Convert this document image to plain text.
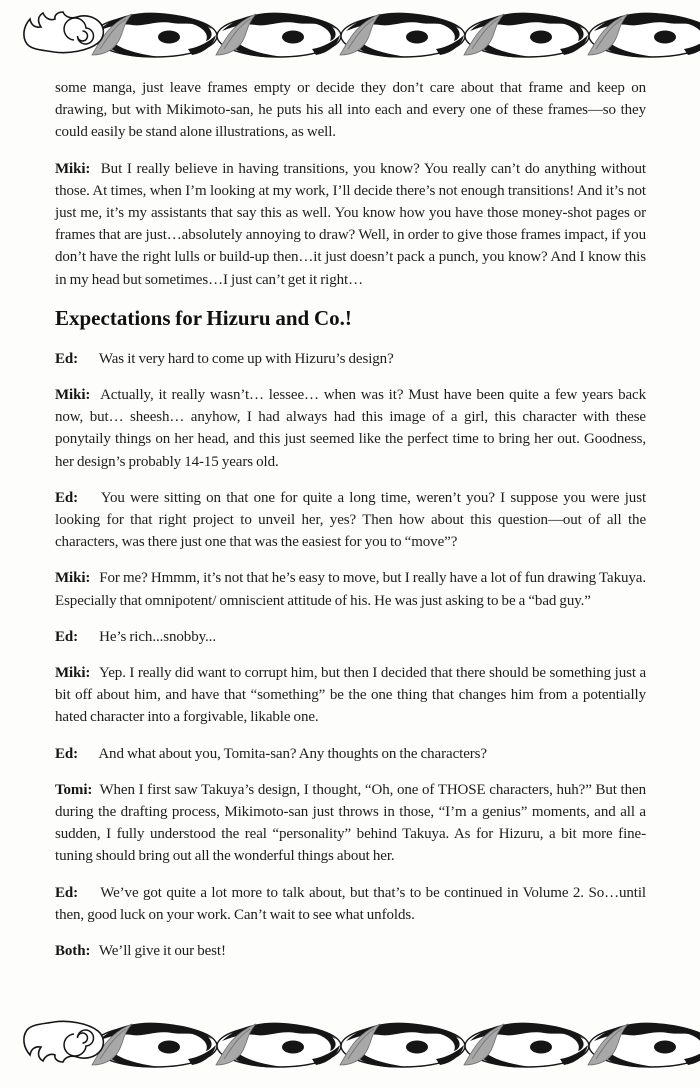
some manga, just leave frames empty or decide they don’t care about that frame and keep on drawing, but with Mikimoto-san, he puts his all into each and every one of these frames—so they could easily be stand alone illustrations, as well.

Miki: But I really believe in having transitions, you know? You really can’t do anything without those. At times, when I’m looking at my work, I’ll decide there’s not enough transitions! And it’s not just me, it’s my assistants that say this as well. You know how you have those money-shot pages or frames that are just…absolutely annoying to draw? Well, in order to give those frames impact, if you don’t have the right lulls or build-up then…it just doesn’t pack a punch, you know? And I know this in my head but sometimes…I just can’t get it right…

Expectations for Hizuru and Co.!

Ed: Was it very hard to come up with Hizuru’s design?

Miki: Actually, it really wasn’t… lessee… when was it? Must have been quite a few years back now, but… sheesh… anyhow, I had always had this image of a girl, this character with these ponytaily things on her head, and this just seemed like the perfect time to bring her out. Goodness, her design’s probably 14-15 years old.

Ed: You were sitting on that one for quite a long time, weren’t you? I suppose you were just looking for that right project to unveil her, yes? Then how about this question—out of all the characters, was there just one that was the easiest for you to “move”?

Miki: For me? Hmmm, it’s not that he’s easy to move, but I really have a lot of fun drawing Takuya. Especially that omnipotent/ omniscient attitude of his. He was just asking to be a “bad guy.”

Ed: He’s rich...snobby...

Miki: Yep. I really did want to corrupt him, but then I decided that there should be something just a bit off about him, and have that “something” be the one thing that changes him from a potentially hated character into a forgivable, likable one.

Ed: And what about you, Tomita-san? Any thoughts on the characters?

Tomi: When I first saw Takuya’s design, I thought, “Oh, one of THOSE characters, huh?” But then during the drafting process, Mikimoto-san just throws in those, “I’m a genius” moments, and all a sudden, I fully understood the real “personality” behind Takuya. As for Hizuru, a bit more fine-tuning should bring out all the wonderful things about her.

Ed: We’ve got quite a lot more to talk about, but that’s to be continued in Volume 2. So…until then, good luck on your work. Can’t wait to see what unfolds.

Both: We’ll give it our best!
